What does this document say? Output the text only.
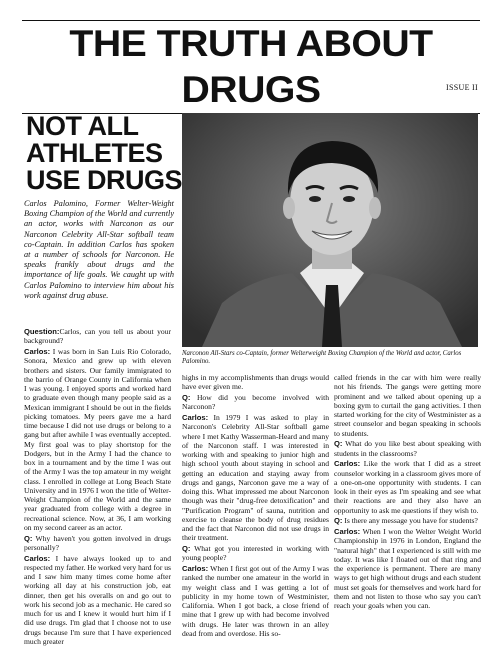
THE TRUTH ABOUT DRUGS	ISSUE II
NOT ALL
ATHLETES
USE DRUGS
Carlos Palomino, Former Welter-Weight Boxing Champion of the World and currently an actor, works with Narconon as our Narconon Celebrity All-Star softball team co-Captain. In addition Carlos has spoken at a number of schools for Narconon. He speaks frankly about drugs and the importance of life goals. We caught up with Carlos Palomino to interview him about his work against drug abuse.
Narconon All-Stars co-Captain, former Welterweight Boxing Champion of the World and actor, Carlos Palomino.

Question:Carlos, can you tell us about your background?

Carlos: I was born in San Luis Rio Colorado, Sonora, Mexico and grew up with eleven brothers and sisters. Our family immigrated to the barrio of Orange County in California when I was young. I enjoyed sports and worked hard to graduate even though many people said as a Mexican immigrant I should be out in the fields picking tomatoes. My peers gave me a hard time because I did not use drugs or belong to a gang but after awhile I was eventually accepted. My first goal was to play shortstop for the Dodgers, but in the Army I had the chance to box in a tournament and by the time I was out of the Army I was the top amateur in my weight class. I enrolled in college at Long Beach State University and in 1976 I won the title of Welter-Weight Champion of the World and the same year graduated from college with a degree in recreational science. Now, at 36, I am working on my second career as an actor.

Q: Why haven't you gotten involved in drugs personally?

Carlos: I have always looked up to and respected my father. He worked very hard for us and I saw him many times come home after working all day at his construction job, eat dinner, then get his overalls on and go out to work his second job as a mechanic. He cared so much for us and I knew it would hurt him if I did use drugs. I'm glad that I choose not to use drugs because I'm sure that I have experienced much greater

highs in my accomplishments than drugs would have ever given me.

Q: How did you become involved with Narconon?

Carlos: In 1979 I was asked to play in Narconon's Celebrity All-Star softball game where I met Kathy Wasserman-Heard and many of the Narconon staff. I was interested in working with and speaking to junior high and high school youth about staying in school and getting an education and staying away from drugs and gangs, Narconon gave me a way of doing this. What impressed me about Narconon though was their "drug-free detoxification" and "Purification Program" of sauna, nutrition and exercise to cleanse the body of drug residues and the fact that Narconon did not use drugs in their treatment.

Q: What got you interested in working with young people?

Carlos: When I first got out of the Army I was ranked the number one amateur in the world in my weight class and I was getting a lot of publicity in my home town of Westminister, California. When I got back, a close friend of mine that I grew up with had become involved with drugs. He later was thrown in an alley dead from and overdose. His so-

called friends in the car with him were really not his friends. The gangs were getting more prominent and we talked about opening up a boxing gym to curtail the gang activities. I then started working for the city of Westminister as a street counselor and began speaking in schools to students.

Q: What do you like best about speaking with students in the classrooms?

Carlos: Like the work that I did as a street counselor working in a classroom gives more of a one-on-one opportunity with students. I can look in their eyes as I'm speaking and see what their reactions are and they also have an opportunity to ask me questions if they wish to.

Q: Is there any message you have for students?

Carlos: When I won the Welter Weight World Championship in 1976 in London, England the "natural high" that I experienced is still with me today. It was like I floated out of that ring and the experience is permanent. There are many ways to get high without drugs and each student must set goals for themselves and work hard for them and not listen to those who say you can't reach your goals when you can.
